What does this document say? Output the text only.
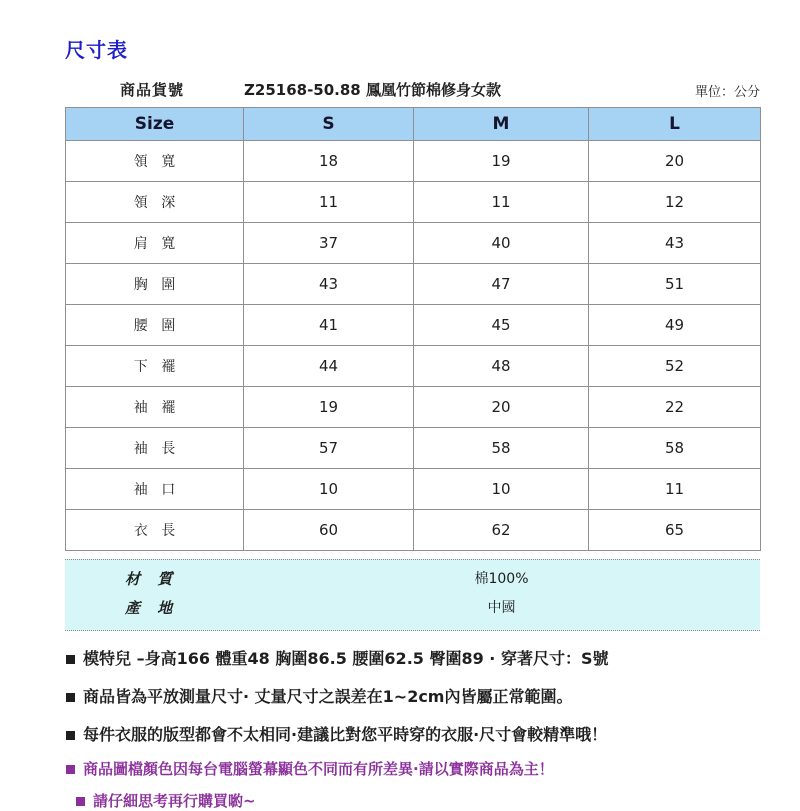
尺寸表
商品貨號	Z25168-50.88 鳳凰竹節棉修身女款	單位：公分
Size	S	M	L
領 寬	18	19	20
領 深	11	11	12
肩 寬	37	40	43
胸 圍	43	47	51
腰 圍	41	45	49
下 襬	44	48	52
袖 襬	19	20	22
袖 長	57	58	58
袖 口	10	10	11
衣 長	60	62	65
材 質	棉100%
產 地	中國
模特兒 –身高166 體重48 胸圍86.5 腰圍62.5 臀圍89 · 穿著尺寸：S號
商品皆為平放測量尺寸· 丈量尺寸之誤差在1~2cm內皆屬正常範圍。
每件衣服的版型都會不太相同·建議比對您平時穿的衣服·尺寸會較精準哦！
商品圖檔顏色因每台電腦螢幕顯色不同而有所差異·請以實際商品為主！
請仔細思考再行購買喲~
